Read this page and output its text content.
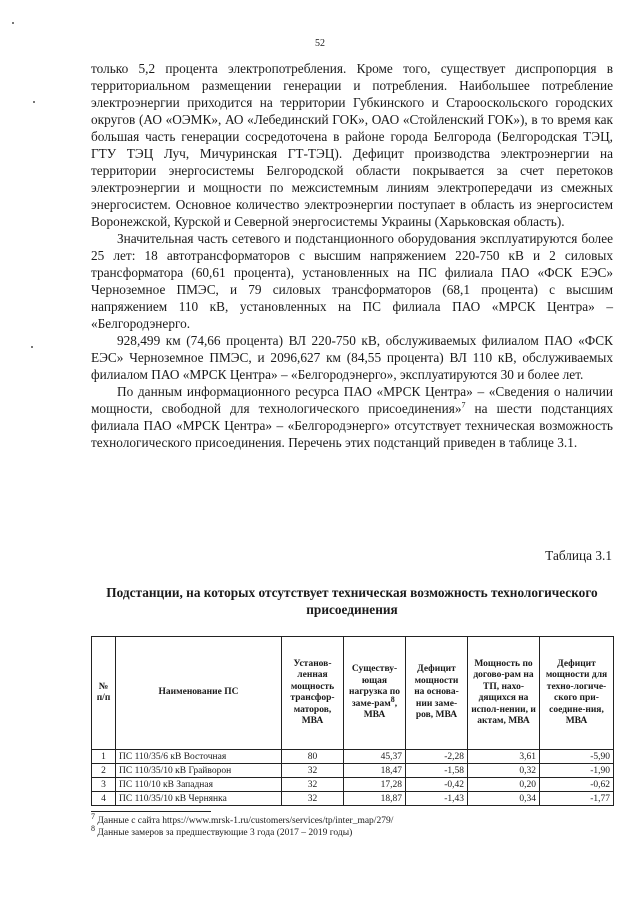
52

только 5,2 процента электропотребления. Кроме того, существует диспропорция в территориальном размещении генерации и потребления. Наибольшее потребление электроэнергии приходится на территории Губкинского и Старооскольского городских округов (АО «ОЭМК», АО «Лебединский ГОК», ОАО «Стойленский ГОК»), в то время как большая часть генерации сосредоточена в районе города Белгорода (Белгородская ТЭЦ, ГТУ ТЭЦ Луч, Мичуринская ГТ-ТЭЦ). Дефицит производства электроэнергии на территории энергосистемы Белгородской области покрывается за счет перетоков электроэнергии и мощности по межсистемным линиям электропередачи из смежных энергосистем. Основное количество электроэнергии поступает в область из энергосистем Воронежской, Курской и Северной энергосистемы Украины (Харьковская область).

Значительная часть сетевого и подстанционного оборудования эксплуатируются более 25 лет: 18 автотрансформаторов с высшим напряжением 220-750 кВ и 2 силовых трансформатора (60,61 процента), установленных на ПС филиала ПАО «ФСК ЕЭС» Черноземное ПМЭС, и 79 силовых трансформаторов (68,1 процента) с высшим напряжением 110 кВ, установленных на ПС филиала ПАО «МРСК Центра» – «Белгородэнерго.

928,499 км (74,66 процента) ВЛ 220-750 кВ, обслуживаемых филиалом ПАО «ФСК ЕЭС» Черноземное ПМЭС, и 2096,627 км (84,55 процента) ВЛ 110 кВ, обслуживаемых филиалом ПАО «МРСК Центра» – «Белгородэнерго», эксплуатируются 30 и более лет.

По данным информационного ресурса ПАО «МРСК Центра» – «Сведения о наличии мощности, свободной для технологического присоединения»$^7$ на шести подстанциях филиала ПАО «МРСК Центра» – «Белгородэнерго» отсутствует техническая возможность технологического присоединения. Перечень этих подстанций приведен в таблице 3.1.

Таблица 3.1
Подстанции, на которых отсутствует техническая возможность технологического присоединения
№ п/п	Наименование ПС	Установ-ленная мощность трансфор-маторов, МВА	Существу-ющая нагрузка по заме-рам$^8$, МВА	Дефицит мощности на основа-нии заме-ров, МВА	Мощность по догово-рам на ТП, нахо-дящихся на испол-нении, и актам, МВА	Дефицит мощности для техно-логиче-ского при-соедине-ния, МВА
1	ПС 110/35/6 кВ Восточная	80	45,37	-2,28	3,61	-5,90
2	ПС 110/35/10 кВ Грайворон	32	18,47	-1,58	0,32	-1,90
3	ПС 110/10 кВ Западная	32	17,28	-0,42	0,20	-0,62
4	ПС 110/35/10 кВ Чернянка	32	18,87	-1,43	0,34	-1,77
$^7$ Данные с сайта https://www.mrsk-1.ru/customers/services/tp/inter_map/279/
$^8$ Данные замеров за предшествующие 3 года (2017 – 2019 годы)
